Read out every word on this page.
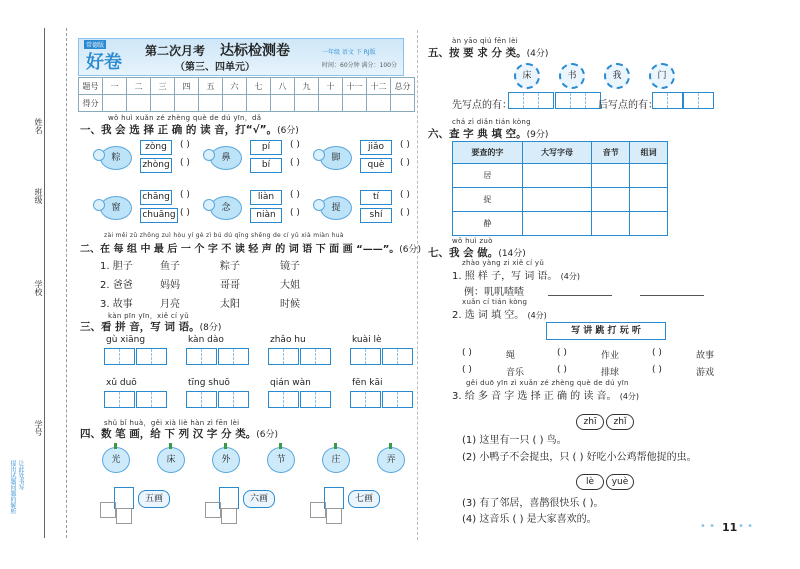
姓名
班级
学校
学号
让此处书写
提出试题问题的解析
常德版
好卷
第二次月考 达标检测卷
（第三、四单元）
一年级 语文 下 RJ版
时间：60分钟 满分：100分
题号	一	二	三	四	五	六	七	八	九	十	十一	十二	总分
得分													
wǒ huì xuǎn zé zhèng què de dú yīn，dǎ
一、我 会 选 择 正 确 的 读 音，打“√”。(6分)
zài měi zǔ zhōng zuì hòu yí gè zì bú dú qīng shēng de cí yǔ xià miàn huà
二、在 每 组 中 最 后 一 个 字 不 读 轻 声 的 词 语 下 面 画 “——”。(6分)
kàn pīn yīn，xiě cí yǔ
三、看 拼 音，写 词 语。(8分)
shǔ bǐ huà，gěi xià liè hàn zì fēn lèi
四、数 笔 画，给 下 列 汉 字 分 类。(6分)
àn yāo qiú fēn lèi
五、按 要 求 分 类。(4分)
先写点的有：	后写点的有：
chá zì diǎn tián kòng
六、查 字 典 填 空。(9分)
要查的字	大写字母	音节	组词
居			
捉			
静			
wǒ huì zuò
七、我 会 做。(14分)
zhào yàng zi xiě cí yǔ
1. 照 样 子，写 词 语。 (4分)
例：叽叽喳喳
xuǎn cí tián kòng
2. 选 词 填 空。 (4分)
写 讲 跳 打 玩 听
gěi duō yīn zì xuǎn zé zhèng què de dú yīn
3. 给 多 音 字 选 择 正 确 的 读 音。 (4分)
zhī	zhǐ
lè	yuè
(1) 这里有一只 ( ) 鸟。
(2) 小鸭子不会捉虫，只 ( ) 好吃小公鸡帮他捉的虫。
(3) 有了邻居，喜鹊很快乐 ( )。
(4) 这音乐 ( ) 是大家喜欢的。
11
• • • •
粽
zòng	( )
zhòng ( )	鼻
pí	( )
bí	( )	脚
jiǎo	( )
què	( )
窗
chāng ( )
chuāng ( )	念
liàn	( )
niàn	( )	提
tí	( )
shí	( )
1. 胆子	鱼子	粽子	镜子
2. 爸爸	妈妈	哥哥	大姐
3. 故事	月亮	太阳	时候
gù xiāng	kàn dào	zhǎo hu	kuài lè
xǔ duō	tīng shuō	qián wàn	fēn kāi
光	床	外	节	庄	弄
五画	六画	七画
床	书	我	门
( )	绳	( )	作业	( )	故事
( )	音乐	( )	排球	( )	游戏
